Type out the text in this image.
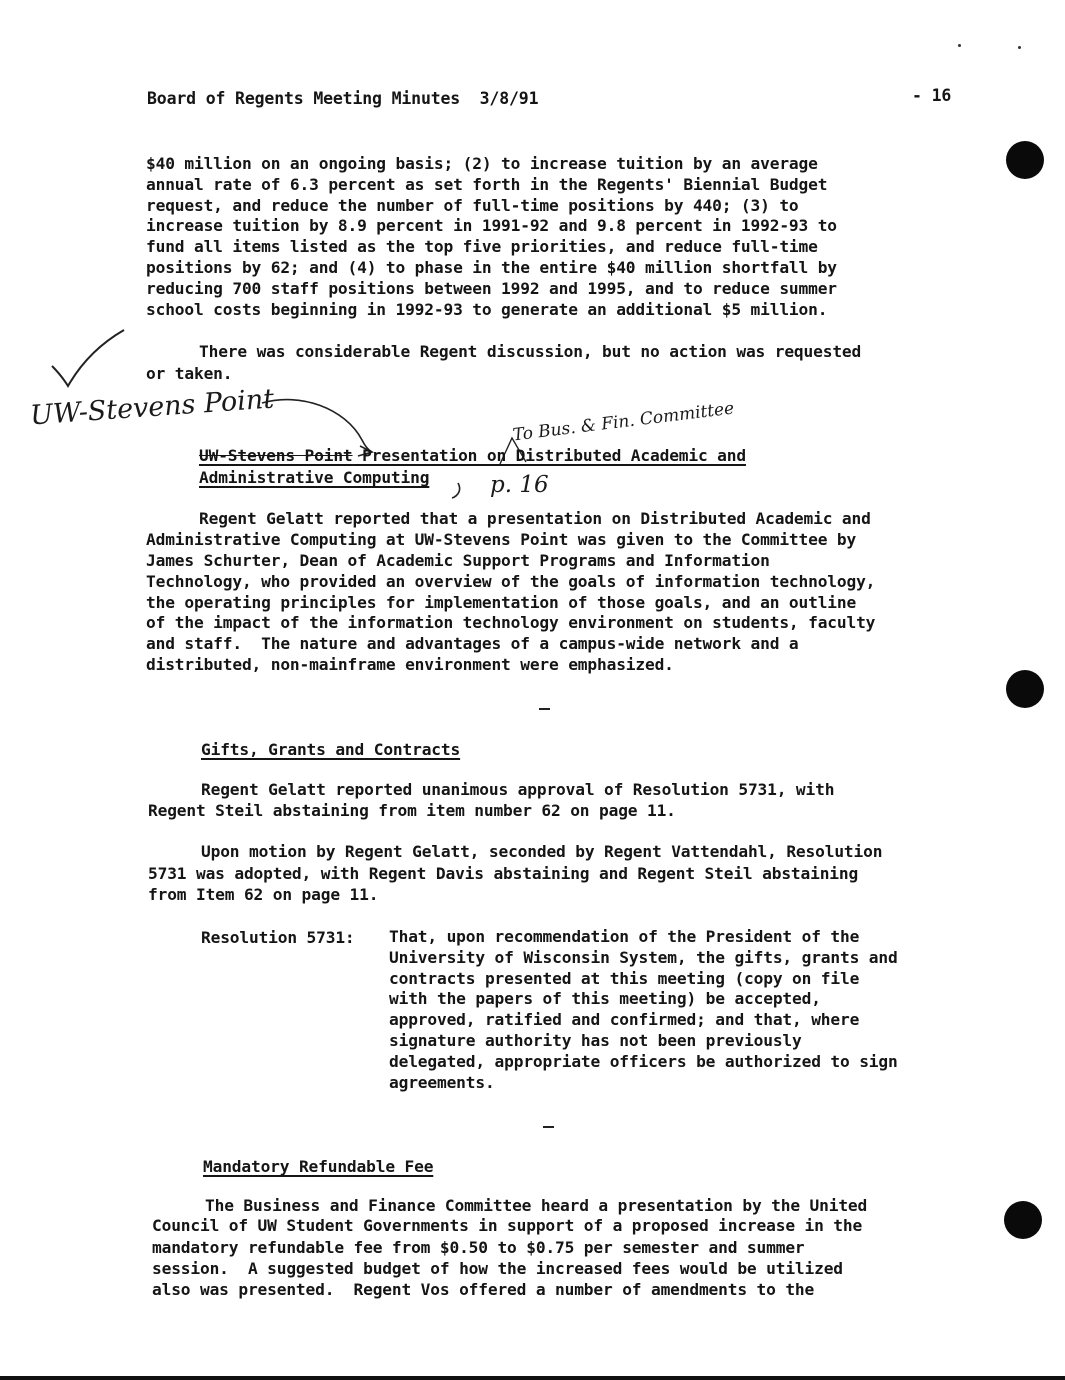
Board of Regents Meeting Minutes  3/8/91	- 16
$40 million on an ongoing basis; (2) to increase tuition by an average
annual rate of 6.3 percent as set forth in the Regents' Biennial Budget
request, and reduce the number of full-time positions by 440; (3) to
increase tuition by 8.9 percent in 1991-92 and 9.8 percent in 1992-93 to
fund all items listed as the top five priorities, and reduce full-time
positions by 62; and (4) to phase in the entire $40 million shortfall by
reducing 700 staff positions between 1992 and 1995, and to reduce summer
school costs beginning in 1992-93 to generate an additional $5 million.
There was considerable Regent discussion, but no action was requested
or taken.
UW-Stevens Point	To Bus. & Fin. Committee
p. 16
UW-Stevens Point Presentation on Distributed Academic and
Administrative Computing
Regent Gelatt reported that a presentation on Distributed Academic and
Administrative Computing at UW-Stevens Point was given to the Committee by
James Schurter, Dean of Academic Support Programs and Information
Technology, who provided an overview of the goals of information technology,
the operating principles for implementation of those goals, and an outline
of the impact of the information technology environment on students, faculty
and staff.  The nature and advantages of a campus-wide network and a
distributed, non-mainframe environment were emphasized.
Gifts, Grants and Contracts
Regent Gelatt reported unanimous approval of Resolution 5731, with
Regent Steil abstaining from item number 62 on page 11.
Upon motion by Regent Gelatt, seconded by Regent Vattendahl, Resolution
5731 was adopted, with Regent Davis abstaining and Regent Steil abstaining
from Item 62 on page 11.
Resolution 5731: That, upon recommendation of the President of the
University of Wisconsin System, the gifts, grants and
contracts presented at this meeting (copy on file
with the papers of this meeting) be accepted,
approved, ratified and confirmed; and that, where
signature authority has not been previously
delegated, appropriate officers be authorized to sign
agreements.
Mandatory Refundable Fee
The Business and Finance Committee heard a presentation by the United
Council of UW Student Governments in support of a proposed increase in the
mandatory refundable fee from $0.50 to $0.75 per semester and summer
session.  A suggested budget of how the increased fees would be utilized
also was presented.  Regent Vos offered a number of amendments to the
